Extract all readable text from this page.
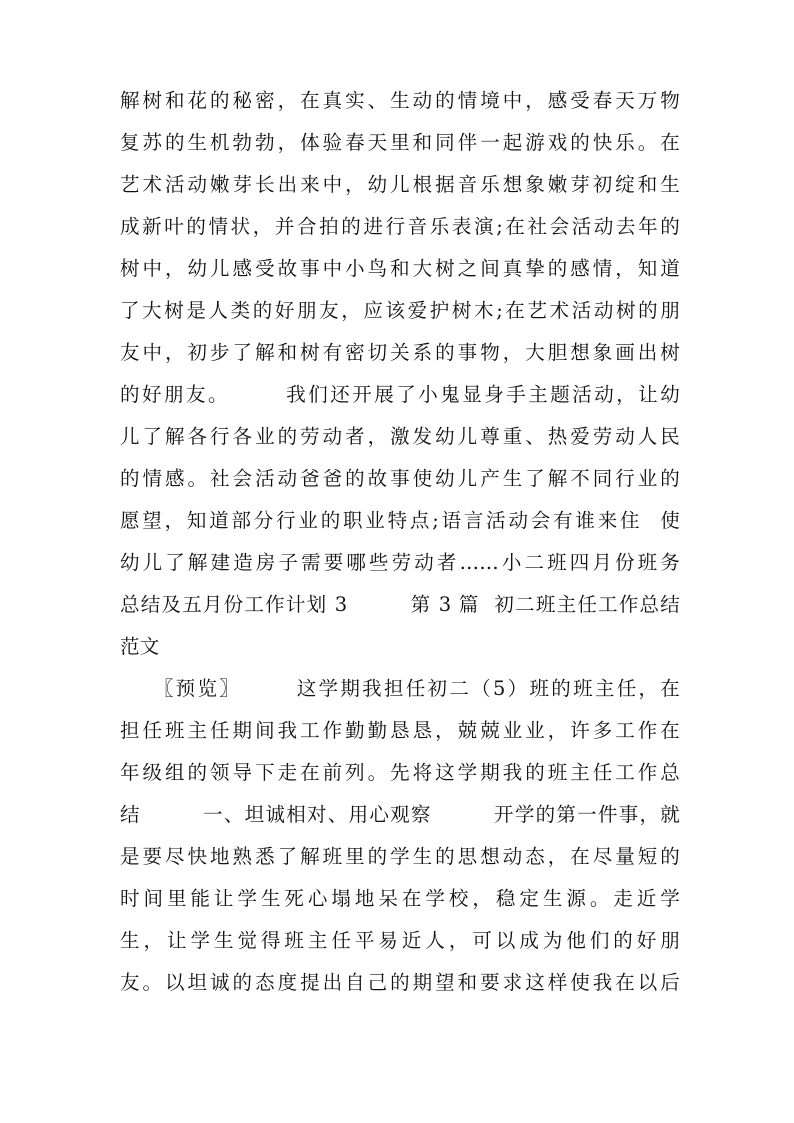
解树和花的秘密，在真实、生动的情境中，感受春天万物
复苏的生机勃勃，体验春天里和同伴一起游戏的快乐。在
艺术活动嫩芽长出来中，幼儿根据音乐想象嫩芽初绽和生
成新叶的情状，并合拍的进行音乐表演;在社会活动去年的
树中，幼儿感受故事中小鸟和大树之间真挚的感情，知道
了大树是人类的好朋友，应该爱护树木;在艺术活动树的朋
友中，初步了解和树有密切关系的事物，大胆想象画出树
的好朋友。　　　我们还开展了小鬼显身手主题活动，让幼
儿了解各行各业的劳动者，激发幼儿尊重、热爱劳动人民
的情感。社会活动爸爸的故事使幼儿产生了解不同行业的
愿望，知道部分行业的职业特点;语言活动会有谁来住  使
幼儿了解建造房子需要哪些劳动者……小二班四月份班务
总结及五月份工作计划 3　　　第 3 篇  初二班主任工作总结
范文
　　〖预览〗　　　这学期我担任初二（5）班的班主任，在
担任班主任期间我工作勤勤恳恳，兢兢业业，许多工作在
年级组的领导下走在前列。先将这学期我的班主任工作总
结　　　一、坦诚相对、用心观察　　　开学的第一件事，就
是要尽快地熟悉了解班里的学生的思想动态，在尽量短的
时间里能让学生死心塌地呆在学校，稳定生源。走近学
生，让学生觉得班主任平易近人，可以成为他们的好朋
友。以坦诚的态度提出自己的期望和要求这样使我在以后
